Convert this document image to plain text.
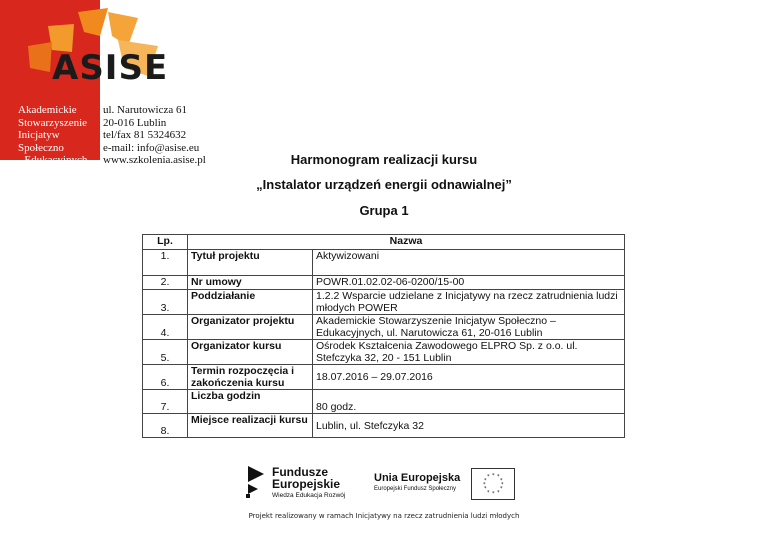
ASISE
Akademickie
Stowarzyszenie
Inicjatyw
Społeczno
- Edukacyjnych
ul. Narutowicza 61
20-016 Lublin
tel/fax 81 5324632
e-mail: info@asise.eu
www.szkolenia.asise.pl	Harmonogram realizacji kursu
„Instalator urządzeń energii odnawialnej”
Grupa 1
Lp.	Nazwa	
1.	Tytuł projektu	Aktywizowani
2.	Nr umowy	POWR.01.02.02-06-0200/15-00
3.	Poddziałanie	1.2.2 Wsparcie udzielane z Inicjatywy na rzecz zatrudnienia ludzi młodych POWER
4.	Organizator projektu	Akademickie Stowarzyszenie Inicjatyw Społeczno – Edukacyjnych, ul. Narutowicza 61, 20-016 Lublin
5.	Organizator kursu	Ośrodek Kształcenia Zawodowego ELPRO Sp. z o.o. ul. Stefczyka 32, 20 - 151 Lublin
6.	Termin rozpoczęcia i zakończenia kursu	18.07.2016 – 29.07.2016
7.	Liczba godzin	80 godz.
8.	Miejsce realizacji kursu	Lublin, ul. Stefczyka 32
Fundusze Europejskie
Wiedza Edukacja Rozwój
Unia Europejska
Europejski Fundusz Społeczny
* *
*
*
*
*
*
*
*
*
*
*
Projekt realizowany w ramach Inicjatywy na rzecz zatrudnienia ludzi młodych
